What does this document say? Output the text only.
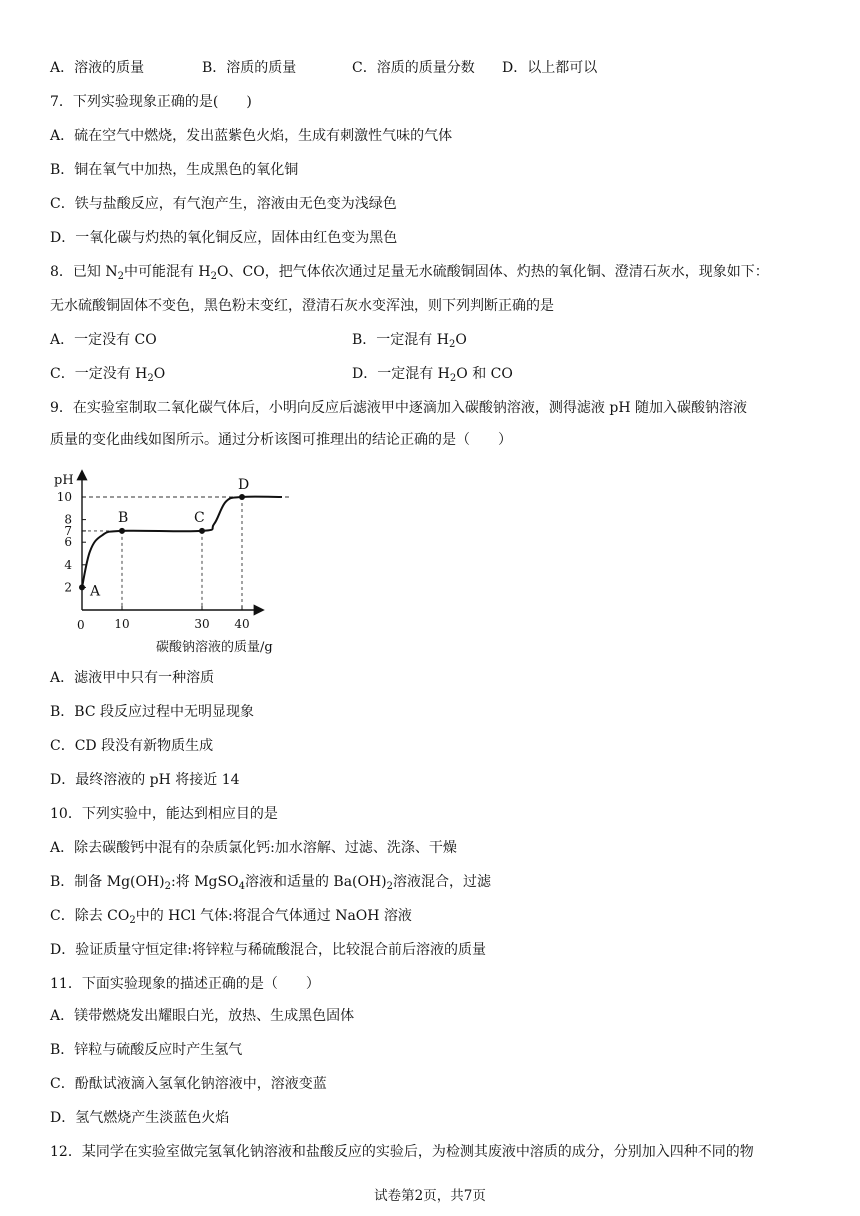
A．溶液的质量	B．溶质的质量	C．溶质的质量分数 D．以上都可以
7．下列实验现象正确的是(　　)
A．硫在空气中燃烧，发出蓝紫色火焰，生成有刺激性气味的气体
B．铜在氧气中加热，生成黑色的氧化铜
C．铁与盐酸反应，有气泡产生，溶液由无色变为浅绿色
D．一氧化碳与灼热的氧化铜反应，固体由红色变为黑色
8．已知 $N_2$中可能混有 $H_2O$、CO，把气体依次通过足量无水硫酸铜固体、灼热的氧化铜、澄清石灰水，现象如下：
无水硫酸铜固体不变色，黑色粉末变红，澄清石灰水变浑浊，则下列判断正确的是
A．一定没有 CO	B．一定混有 $H_2O$
C．一定没有 $H_2O$	D．一定混有 $H_2O$ 和 CO
9．在实验室制取二氧化碳气体后，小明向反应后滤液甲中逐滴加入碳酸钠溶液，测得滤液 pH 随加入碳酸钠溶液
质量的变化曲线如图所示。通过分析该图可推理出的结论正确的是（　　）
pH
0
碳酸钠溶液的质量/g
2
4
6
7
8
10
10	30 40
A
B	C
D
A．滤液甲中只有一种溶质
B．BC 段反应过程中无明显现象
C．CD 段没有新物质生成
D．最终溶液的 pH 将接近 14
10．下列实验中，能达到相应目的是
A．除去碳酸钙中混有的杂质氯化钙:加水溶解、过滤、洗涤、干燥
B．制备 $Mg(OH)_2$:将 MgSO$_4$溶液和适量的 $Ba(OH)_2$溶液混合，过滤
C．除去 $CO_2$中的 HCl 气体:将混合气体通过 NaOH 溶液
D．验证质量守恒定律:将锌粒与稀硫酸混合，比较混合前后溶液的质量
11．下面实验现象的描述正确的是（　　）
A．镁带燃烧发出耀眼白光，放热、生成黑色固体
B．锌粒与硫酸反应时产生氢气
C．酚酞试液滴入氢氧化钠溶液中，溶液变蓝
D．氢气燃烧产生淡蓝色火焰
12．某同学在实验室做完氢氧化钠溶液和盐酸反应的实验后，为检测其废液中溶质的成分，分别加入四种不同的物
试卷第2页，共7页
